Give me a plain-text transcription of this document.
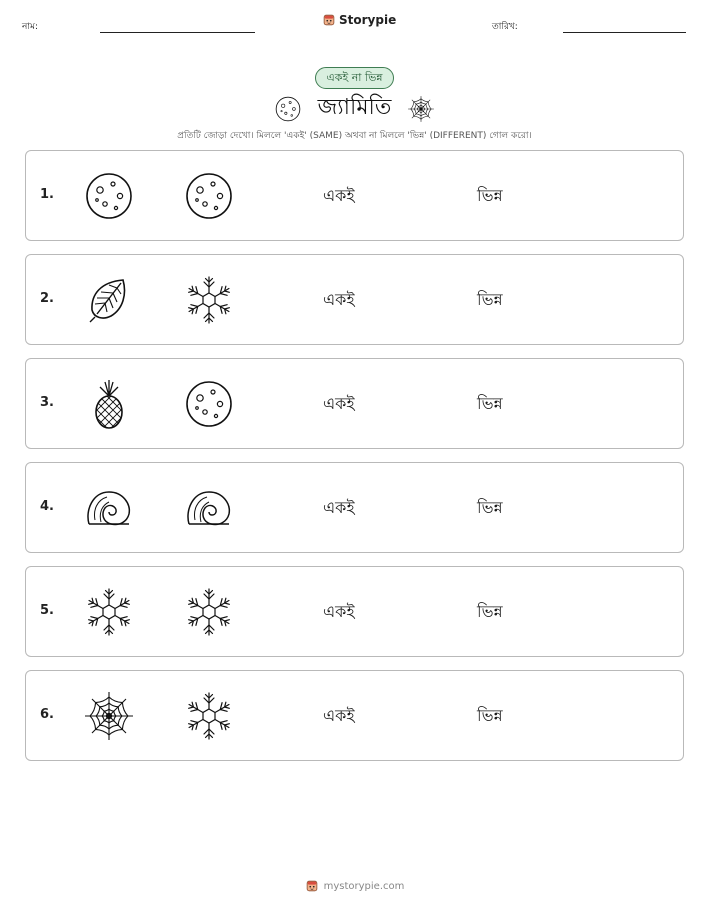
নাম:	Storypie	তারিখ:
একই না ভিন্ন
জ্যামিতি
প্রতিটি জোড়া দেখো। মিললে 'একই' (SAME) অথবা না মিললে 'ভিন্ন' (DIFFERENT) গোল করো।
1.	একই	ভিন্ন
2.	একই	ভিন্ন
3.	একই	ভিন্ন
4.	একই	ভিন্ন
5.	একই	ভিন্ন
6.	একই	ভিন্ন
mystorypie.com
